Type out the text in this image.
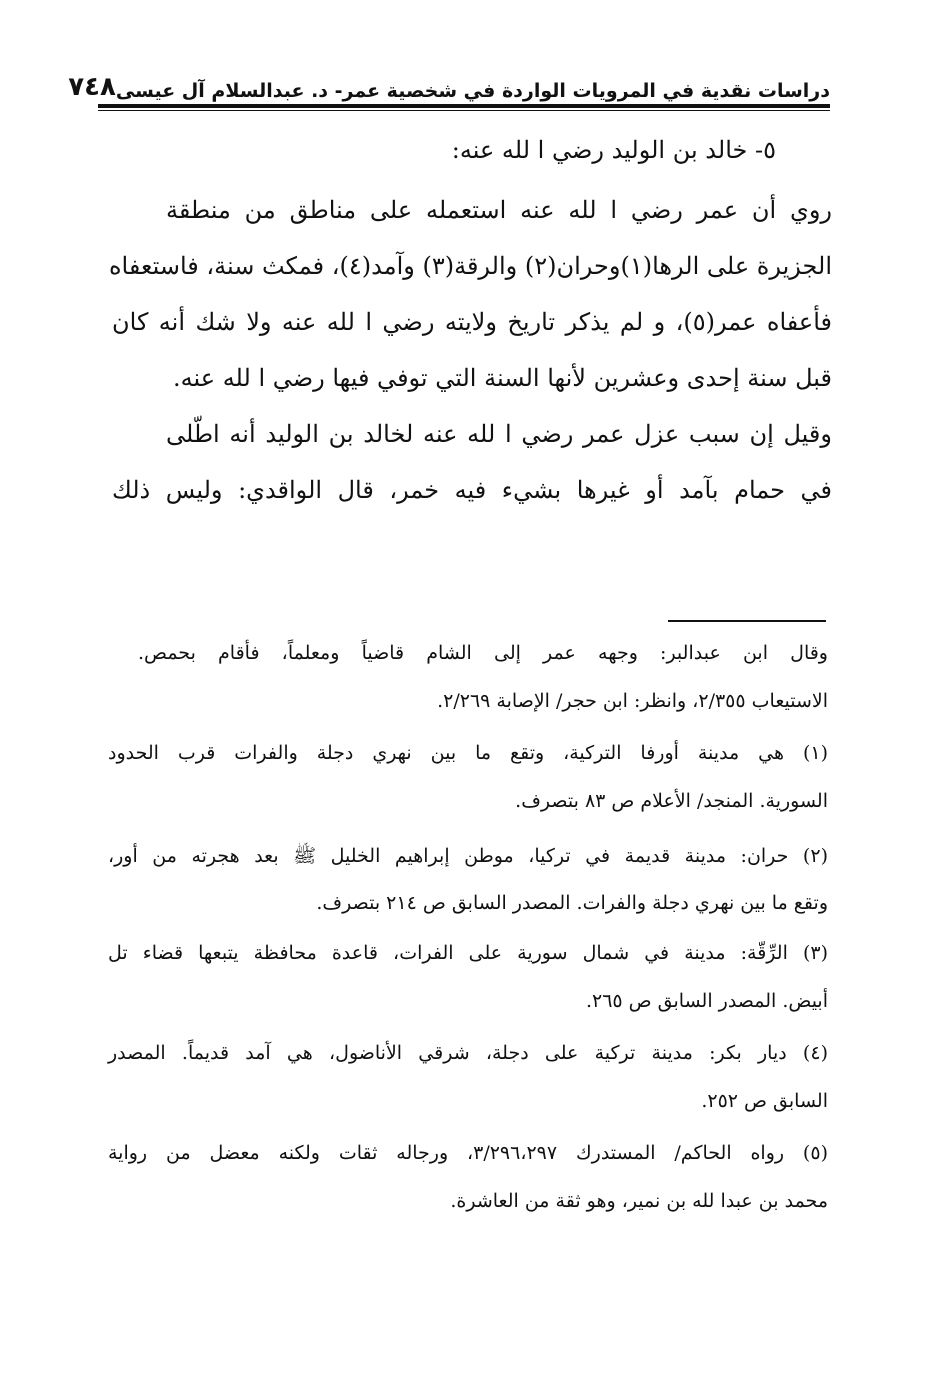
دراسات نقدية في المرويات الواردة في شخصية عمر- د. عبدالسلام آل عيسى
٧٤٨
٥- خالد بن الوليد رضي ا لله عنه:
روي أن عمر رضي ا لله عنه استعمله على مناطق من منطقة
الجزيرة على الرها(١)وحران(٢) والرقة(٣) وآمد(٤)، فمكث سنة، فاستعفاه
فأعفاه عمر(٥)، و لم يذكر تاريخ ولايته رضي ا لله عنه ولا شك أنه كان
قبل سنة إحدى وعشرين لأنها السنة التي توفي فيها رضي ا لله عنه.
وقيل إن سبب عزل عمر رضي ا لله عنه لخالد بن الوليد أنه اطّلى
في حمام بآمد أو غيرها بشيء فيه خمر، قال الواقدي: وليس ذلك
وقال ابن عبدالبر: وجهه عمر إلى الشام قاضياً ومعلماً، فأقام بحمص.
الاستيعاب ٢/٣٥٥، وانظر: ابن حجر/ الإصابة ٢/٢٦٩.
(١) هي مدينة أورفا التركية، وتقع ما بين نهري دجلة والفرات قرب الحدود
السورية. المنجد/ الأعلام ص ٨٣ بتصرف.
(٢) حران: مدينة قديمة في تركيا، موطن إبراهيم الخليل ﷺ بعد هجرته من أور،
وتقع ما بين نهري دجلة والفرات. المصدر السابق ص ٢١٤ بتصرف.
(٣) الرِّقّة: مدينة في شمال سورية على الفرات، قاعدة محافظة يتبعها قضاء تل
أبيض. المصدر السابق ص ٢٦٥.
(٤) ديار بكر: مدينة تركية على دجلة، شرقي الأناضول، هي آمد قديماً. المصدر
السابق ص ٢٥٢.
(٥) رواه الحاكم/ المستدرك ٣/٢٩٦،٢٩٧، ورجاله ثقات ولكنه معضل من رواية
محمد بن عبدا لله بن نمير، وهو ثقة من العاشرة.
